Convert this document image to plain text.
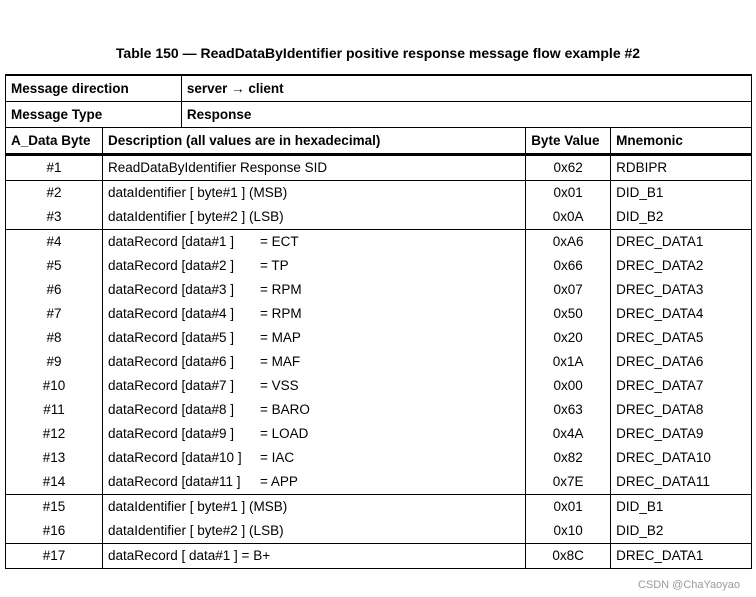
Table 150 — ReadDataByIdentifier positive response message flow example #2
Message direction		server → client		
Message Type		Response		
A_Data Byte	Description (all values are in hexadecimal)		Byte Value	Mnemonic
#1	ReadDataByIdentifier Response SID		0x62	RDBIPR
#2	dataIdentifier [ byte#1 ] (MSB)		0x01	DID_B1
#3	dataIdentifier [ byte#2 ] (LSB)		0x0A	DID_B2
#4	dataRecord [data#1 ] = ECT		0xA6	DREC_DATA1
#5	dataRecord [data#2 ] = TP		0x66	DREC_DATA2
#6	dataRecord [data#3 ] = RPM		0x07	DREC_DATA3
#7	dataRecord [data#4 ] = RPM		0x50	DREC_DATA4
#8	dataRecord [data#5 ] = MAP		0x20	DREC_DATA5
#9	dataRecord [data#6 ] = MAF		0x1A	DREC_DATA6
#10	dataRecord [data#7 ] = VSS		0x00	DREC_DATA7
#11	dataRecord [data#8 ] = BARO		0x63	DREC_DATA8
#12	dataRecord [data#9 ] = LOAD		0x4A	DREC_DATA9
#13	dataRecord [data#10 ] = IAC		0x82	DREC_DATA10
#14	dataRecord [data#11 ] = APP		0x7E	DREC_DATA11
#15	dataIdentifier [ byte#1 ] (MSB)		0x01	DID_B1
#16	dataIdentifier [ byte#2 ] (LSB)		0x10	DID_B2
#17	dataRecord [ data#1 ] = B+		0x8C	DREC_DATA1
CSDN @ChaYaoyao
